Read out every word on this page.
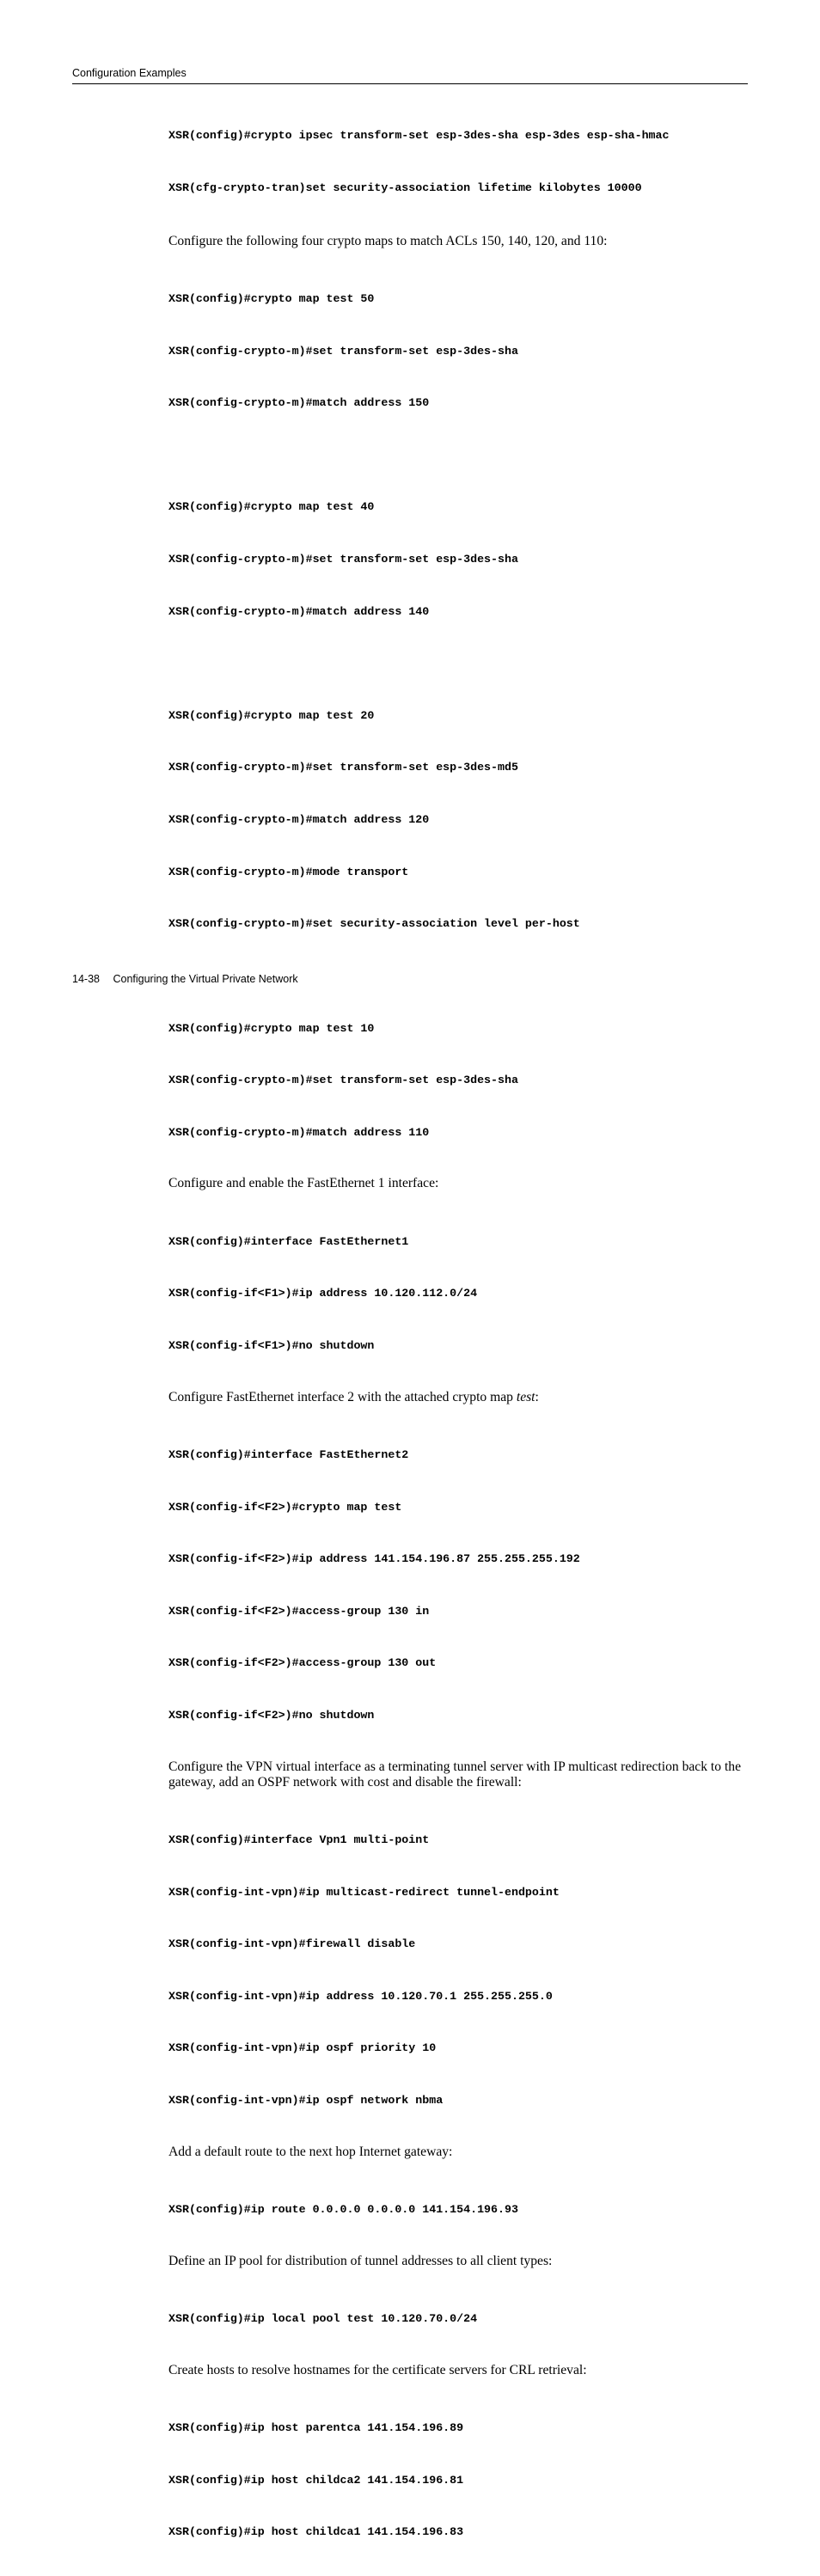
Configuration Examples

XSR(config)#crypto ipsec transform-set esp-3des-sha esp-3des esp-sha-hmac

XSR(cfg-crypto-tran)set security-association lifetime kilobytes 10000

Configure the following four crypto maps to match ACLs 150, 140, 120, and 110:

XSR(config)#crypto map test 50

XSR(config-crypto-m)#set transform-set esp-3des-sha

XSR(config-crypto-m)#match address 150

XSR(config)#crypto map test 40

XSR(config-crypto-m)#set transform-set esp-3des-sha

XSR(config-crypto-m)#match address 140

XSR(config)#crypto map test 20

XSR(config-crypto-m)#set transform-set esp-3des-md5

XSR(config-crypto-m)#match address 120

XSR(config-crypto-m)#mode transport

XSR(config-crypto-m)#set security-association level per-host

XSR(config)#crypto map test 10

XSR(config-crypto-m)#set transform-set esp-3des-sha

XSR(config-crypto-m)#match address 110

Configure and enable the FastEthernet 1 interface:

XSR(config)#interface FastEthernet1

XSR(config-if<F1>)#ip address 10.120.112.0/24

XSR(config-if<F1>)#no shutdown

Configure FastEthernet interface 2 with the attached crypto map test:

XSR(config)#interface FastEthernet2

XSR(config-if<F2>)#crypto map test

XSR(config-if<F2>)#ip address 141.154.196.87 255.255.255.192

XSR(config-if<F2>)#access-group 130 in

XSR(config-if<F2>)#access-group 130 out

XSR(config-if<F2>)#no shutdown

Configure the VPN virtual interface as a terminating tunnel server with IP multicast redirection back to the gateway, add an OSPF network with cost and disable the firewall:

XSR(config)#interface Vpn1 multi-point

XSR(config-int-vpn)#ip multicast-redirect tunnel-endpoint

XSR(config-int-vpn)#firewall disable

XSR(config-int-vpn)#ip address 10.120.70.1 255.255.255.0

XSR(config-int-vpn)#ip ospf priority 10

XSR(config-int-vpn)#ip ospf network nbma

Add a default route to the next hop Internet gateway:

XSR(config)#ip route 0.0.0.0 0.0.0.0 141.154.196.93

Define an IP pool for distribution of tunnel addresses to all client types:

XSR(config)#ip local pool test 10.120.70.0/24

Create hosts to resolve hostnames for the certificate servers for CRL retrieval:

XSR(config)#ip host parentca 141.154.196.89

XSR(config)#ip host childca2 141.154.196.81

XSR(config)#ip host childca1 141.154.196.83

14-38 Configuring the Virtual Private Network
